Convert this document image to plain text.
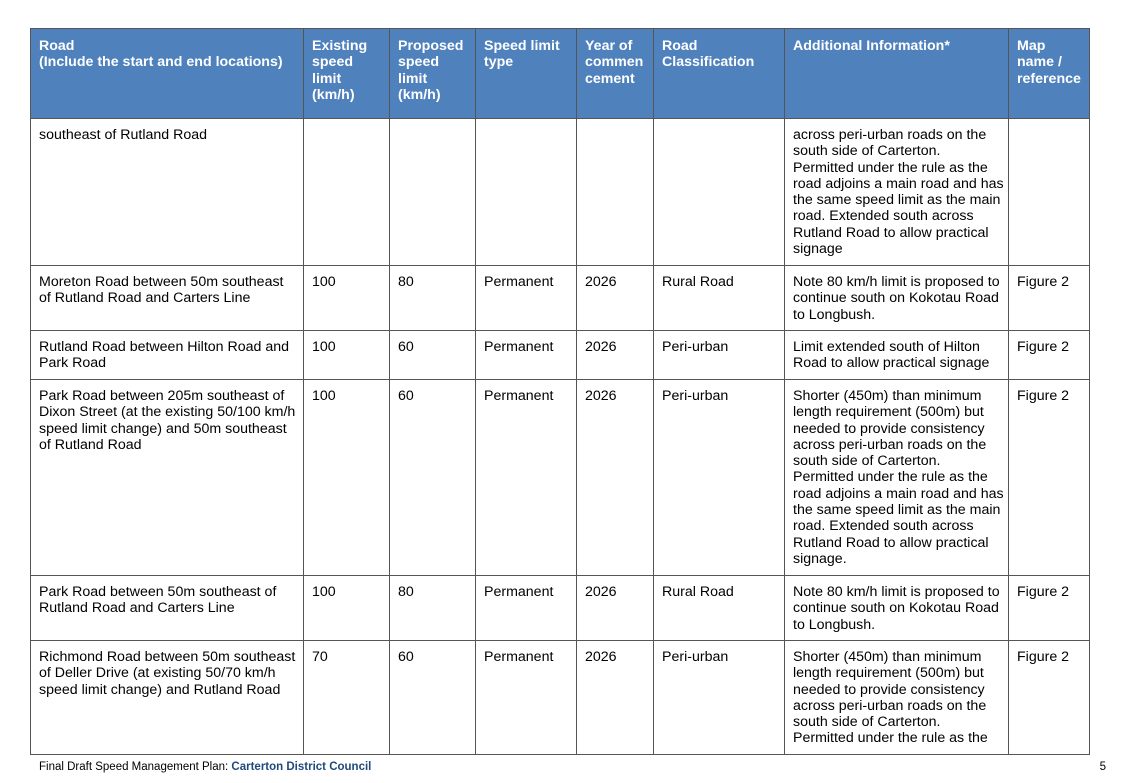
Road
(Include the start and end locations)	Existing speed limit (km/h)	Proposed speed limit (km/h)	Speed limit type	Year of commen cement	Road Classification	Additional Information*	Map name / reference
southeast of Rutland Road						across peri-urban roads on the south side of Carterton. Permitted under the rule as the road adjoins a main road and has the same speed limit as the main road. Extended south across Rutland Road to allow practical signage	
Moreton Road between 50m southeast of Rutland Road and Carters Line	100	80	Permanent	2026	Rural Road	Note 80 km/h limit is proposed to continue south on Kokotau Road to Longbush.	Figure 2
Rutland Road between Hilton Road and Park Road	100	60	Permanent	2026	Peri-urban	Limit extended south of Hilton Road to allow practical signage	Figure 2
Park Road between 205m southeast of Dixon Street (at the existing 50/100 km/h speed limit change) and 50m southeast of Rutland Road	100	60	Permanent	2026	Peri-urban	Shorter (450m) than minimum length requirement (500m) but needed to provide consistency across peri-urban roads on the south side of Carterton. Permitted under the rule as the road adjoins a main road and has the same speed limit as the main road. Extended south across Rutland Road to allow practical signage.	Figure 2
Park Road between 50m southeast of Rutland Road and Carters Line	100	80	Permanent	2026	Rural Road	Note 80 km/h limit is proposed to continue south on Kokotau Road to Longbush.	Figure 2
Richmond Road between 50m southeast of Deller Drive (at existing 50/70 km/h speed limit change) and Rutland Road	70	60	Permanent	2026	Peri-urban	Shorter (450m) than minimum length requirement (500m) but needed to provide consistency across peri-urban roads on the south side of Carterton. Permitted under the rule as the	Figure 2
Final Draft Speed Management Plan: Carterton District Council	5
